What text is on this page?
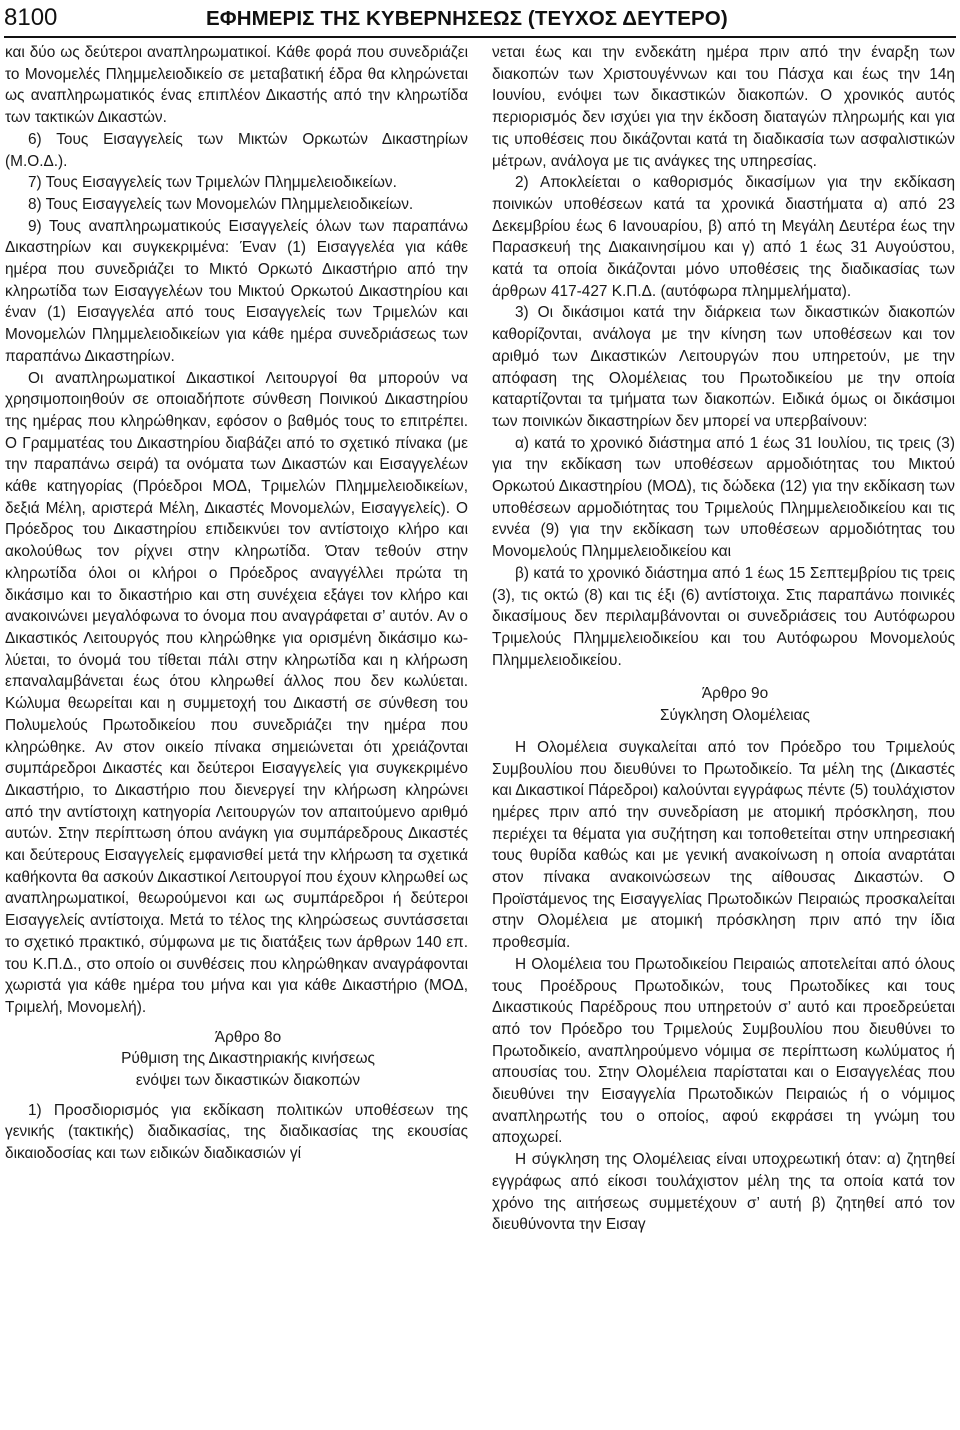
8100	ΕΦΗΜΕΡΙΣ ΤΗΣ ΚΥΒΕΡΝΗΣΕΩΣ (ΤΕΥΧΟΣ ΔΕΥΤΕΡΟ)

και δύο ως δεύτεροι αναπληρωματικοί. Κάθε φορά που συνεδριάζει το Μονομελές Πλημμελειοδικείο σε μεταβατική έδρα θα κληρώνεται ως αναπληρωματικός ένας επιπλέον Δικαστής από την κληρωτίδα των τακτικών Δικαστών.

6) Τους Εισαγγελείς των Μικτών Ορκωτών Δικαστηρίων (Μ.Ο.Δ.).

7) Τους Εισαγγελείς των Τριμελών Πλημμελειοδικείων.

8) Τους Εισαγγελείς των Μονομελών Πλημμελειοδικείων.

9) Τους αναπληρωματικούς Εισαγγελείς όλων των παραπάνω Δικαστηρίων και συγκεκριμένα: Έναν (1) Εισαγγελέα για κάθε ημέρα που συνεδριάζει το Μικτό Ορκωτό Δικαστήριο από την κληρωτίδα των Εισαγγελέων του Μικτού Ορκωτού Δικαστηρίου και έναν (1) Εισαγγελέα από τους Εισαγγελείς των Τριμελών και Μονομελών Πλημμελειοδικείων για κάθε ημέρα συνεδριάσεως των παραπάνω Δικαστηρίων.

Οι αναπληρωματικοί Δικαστικοί Λειτουργοί θα μπορούν να χρησιμοποιηθούν σε οποιαδήποτε σύνθεση Ποινικού Δικαστηρίου της ημέρας που κληρώθηκαν, εφόσον ο βαθμός τους το επιτρέπει. Ο Γραμματέας του Δικαστηρίου διαβάζει από το σχετικό πίνακα (με την παραπάνω σειρά) τα ονόματα των Δικαστών και Εισαγγελέων κάθε κατηγορίας (Πρόεδροι ΜΟΔ, Τριμελών Πλημμελειοδικείων, δεξιά Μέλη, αριστερά Μέλη, Δικαστές Μονομελών, Εισαγγελείς). Ο Πρόεδρος του Δικαστηρίου επιδεικνύει τον αντίστοιχο κλήρο και ακολούθως τον ρίχνει στην κληρωτίδα. Όταν τεθούν στην κληρωτίδα όλοι οι κλήροι ο Πρόεδρος αναγγέλλει πρώτα τη δικάσιμο και το δικαστήριο και στη συνέχεια εξάγει τον κλήρο και ανακοινώνει μεγαλόφωνα το όνομα που αναγράφεται σ’ αυτόν. Αν ο Δικαστικός Λειτουργός που κληρώθηκε για ορισμένη δικάσιμο κωλύεται, το όνομά του τίθεται πάλι στην κληρωτίδα και η κλήρωση επαναλαμβάνεται έως ότου κληρωθεί άλλος που δεν κωλύεται. Κώλυμα θεωρείται και η συμμετοχή του Δικαστή σε σύνθεση του Πολυμελούς Πρωτοδικείου που συνεδριάζει την ημέρα που κληρώθηκε. Αν στον οικείο πίνακα σημειώνεται ότι χρειάζονται συμπάρεδροι Δικαστές και δεύτεροι Εισαγγελείς για συγκεκριμένο Δικαστήριο, το Δικαστήριο που διενεργεί την κλήρωση κληρώνει από την αντίστοιχη κατηγορία Λειτουργών τον απαιτούμενο αριθμό αυτών. Στην περίπτωση όπου ανάγκη για συμπάρεδρους Δικαστές και δεύτερους Εισαγγελείς εμφανισθεί μετά την κλήρωση τα σχετικά καθήκοντα θα ασκούν Δικαστικοί Λειτουργοί που έχουν κληρωθεί ως αναπληρωματικοί, θεωρούμενοι και ως συμπάρεδροι ή δεύτεροι Εισαγγελείς αντίστοιχα. Μετά το τέλος της κληρώσεως συντάσσεται το σχετικό πρακτικό, σύμφωνα με τις διατάξεις των άρθρων 140 επ. του Κ.Π.Δ., στο οποίο οι συνθέσεις που κληρώθηκαν αναγράφονται χωριστά για κάθε ημέρα του μήνα και για κάθε Δικαστήριο (ΜΟΔ, Τριμελή, Μονομελή).

Άρθρο 8ο

Ρύθμιση της Δικαστηριακής κινήσεως

ενόψει των δικαστικών διακοπών

1) Προσδιορισμός για εκδίκαση πολιτικών υποθέσεων της γενικής (τακτικής) διαδικασίας, της διαδικασίας της εκουσίας δικαιοδοσίας και των ειδικών διαδικασιών γί

νεται έως και την ενδεκάτη ημέρα πριν από την έναρξη των διακοπών των Χριστουγέννων και του Πάσχα και έως την 14η Ιουνίου, ενόψει των δικαστικών διακοπών. Ο χρονικός αυτός περιορισμός δεν ισχύει για την έκδοση διαταγών πληρωμής και για τις υποθέσεις που δικάζονται κατά τη διαδικασία των ασφαλιστικών μέτρων, ανάλογα με τις ανάγκες της υπηρεσίας.

2) Αποκλείεται ο καθορισμός δικασίμων για την εκδίκαση ποινικών υποθέσεων κατά τα χρονικά διαστήματα α) από 23 Δεκεμβρίου έως 6 Ιανουαρίου, β) από τη Μεγάλη Δευτέρα έως την Παρασκευή της Διακαινησίμου και γ) από 1 έως 31 Αυγούστου, κατά τα οποία δικάζονται μόνο υποθέσεις της διαδικασίας των άρθρων 417-427 Κ.Π.Δ. (αυτόφωρα πλημμελήματα).

3) Οι δικάσιμοι κατά την διάρκεια των δικαστικών διακοπών καθορίζονται, ανάλογα με την κίνηση των υποθέσεων και τον αριθμό των Δικαστικών Λειτουργών που υπηρετούν, με την απόφαση της Ολομέλειας του Πρωτοδικείου με την οποία καταρτίζονται τα τμήματα των διακοπών. Ειδικά όμως οι δικάσιμοι των ποινικών δικαστηρίων δεν μπορεί να υπερβαίνουν:

α) κατά το χρονικό διάστημα από 1 έως 31 Ιουλίου, τις τρεις (3) για την εκδίκαση των υποθέσεων αρμοδιότητας του Μικτού Ορκωτού Δικαστηρίου (ΜΟΔ), τις δώδεκα (12) για την εκδίκαση των υποθέσεων αρμοδιότητας του Τριμελούς Πλημμελειοδικείου και τις εννέα (9) για την εκδίκαση των υποθέσεων αρμοδιότητας του Μονομελούς Πλημμελειοδικείου και

β) κατά το χρονικό διάστημα από 1 έως 15 Σεπτεμβρίου τις τρεις (3), τις οκτώ (8) και τις έξι (6) αντίστοιχα. Στις παραπάνω ποινικές δικασίμους δεν περιλαμβάνονται οι συνεδριάσεις του Αυτόφωρου Τριμελούς Πλημμελειοδικείου και του Αυτόφωρου Μονομελούς Πλημμελειοδικείου.

Άρθρο 9ο

Σύγκληση Ολομέλειας

Η Ολομέλεια συγκαλείται από τον Πρόεδρο του Τριμελούς Συμβουλίου που διευθύνει το Πρωτοδικείο. Τα μέλη της (Δικαστές και Δικαστικοί Πάρεδροι) καλούνται εγγράφως πέντε (5) τουλάχιστον ημέρες πριν από την συνεδρίαση με ατομική πρόσκληση, που περιέχει τα θέματα για συζήτηση και τοποθετείται στην υπηρεσιακή τους θυρίδα καθώς και με γενική ανακοίνωση η οποία αναρτάται στον πίνακα ανακοινώσεων της αίθουσας Δικαστών. Ο Προϊστάμενος της Εισαγγελίας Πρωτοδικών Πειραιώς προσκαλείται στην Ολομέλεια με ατομική πρόσκληση πριν από την ίδια προθεσμία.

Η Ολομέλεια του Πρωτοδικείου Πειραιώς αποτελείται από όλους τους Προέδρους Πρωτοδικών, τους Πρωτοδίκες και τους Δικαστικούς Παρέδρους που υπηρετούν σ’ αυτό και προεδρεύεται από τον Πρόεδρο του Τριμελούς Συμβουλίου που διευθύνει το Πρωτοδικείο, αναπληρούμενο νόμιμα σε περίπτωση κωλύματος ή απουσίας του. Στην Ολομέλεια παρίσταται και ο Εισαγγελέας που διευθύνει την Εισαγγελία Πρωτοδικών Πειραιώς ή ο νόμιμος αναπληρωτής του ο οποίος, αφού εκφράσει τη γνώμη του αποχωρεί.

Η σύγκληση της Ολομέλειας είναι υποχρεωτική όταν: α) ζητηθεί εγγράφως από είκοσι τουλάχιστον μέλη της τα οποία κατά τον χρόνο της αιτήσεως συμμετέχουν σ’ αυτή β) ζητηθεί από τον διευθύνοντα την Εισαγ
